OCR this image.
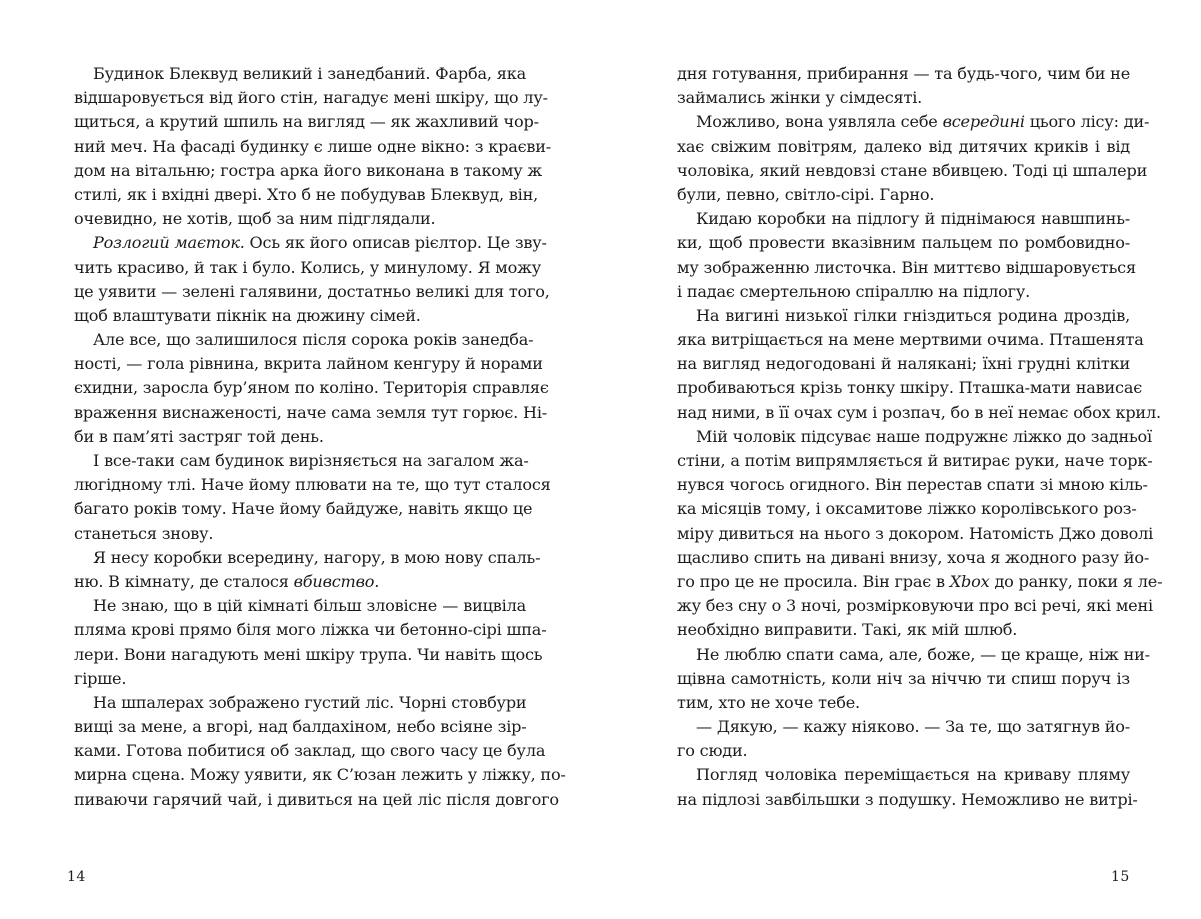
Будинок Блеквуд великий і занедбаний. Фарба, яка
відшаровується від його стін, нагадує мені шкіру, що лу-
щиться, а крутий шпиль на вигляд — як жахливий чор-
ний меч. На фасаді будинку є лише одне вікно: з краєви-
дом на вітальню; гостра арка його виконана в такому ж
стилі, як і вхідні двері. Хто б не побудував Блеквуд, він,
очевидно, не хотів, щоб за ним підглядали.
Розлогий маєток. Ось як його описав рієлтор. Це зву-
чить красиво, й так і було. Колись, у минулому. Я можу
це уявити — зелені галявини, достатньо великі для того,
щоб влаштувати пікнік на дюжину сімей.
Але все, що залишилося після сорока років занедба-
ності, — гола рівнина, вкрита лайном кенгуру й норами
єхидни, заросла бур’яном по коліно. Територія справляє
враження виснаженості, наче сама земля тут горює. Ні-
би в пам’яті застряг той день.
І все-таки сам будинок вирізняється на загалом жа-
люгідному тлі. Наче йому плювати на те, що тут сталося
багато років тому. Наче йому байдуже, навіть якщо це
станеться знову.
Я несу коробки всередину, нагору, в мою нову спаль-
ню. В кімнату, де сталося вбивство.
Не знаю, що в цій кімнаті більш зловісне — вицвіла
пляма крові прямо біля мого ліжка чи бетонно-сірі шпа-
лери. Вони нагадують мені шкіру трупа. Чи навіть щось
гірше.
На шпалерах зображено густий ліс. Чорні стовбури
вищі за мене, а вгорі, над балдахіном, небо всіяне зір-
ками. Готова побитися об заклад, що свого часу це була
мирна сцена. Можу уявити, як С’юзан лежить у ліжку, по-
пиваючи гарячий чай, і дивиться на цей ліс після довгого
дня готування, прибирання — та будь-чого, чим би не
займались жінки у сімдесяті.
Можливо, вона уявляла себе всередині цього лісу: ди-
хає свіжим повітрям, далеко від дитячих криків і від
чоловіка, який невдовзі стане вбивцею. Тоді ці шпалери
були, певно, світло-сірі. Гарно.
Кидаю коробки на підлогу й піднімаюся навшпинь-
ки, щоб провести вказівним пальцем по ромбовидно-
му зображенню листочка. Він миттєво відшаровується
і падає смертельною спіраллю на підлогу.
На вигині низької гілки гніздиться родина дроздів,
яка витріщається на мене мертвими очима. Пташенята
на вигляд недогодовані й налякані; їхні грудні клітки
пробиваються крізь тонку шкіру. Пташка-мати нависає
над ними, в її очах сум і розпач, бо в неї немає обох крил.
Мій чоловік підсуває наше подружнє ліжко до задньої
стіни, а потім випрямляється й витирає руки, наче торк-
нувся чогось огидного. Він перестав спати зі мною кіль-
ка місяців тому, і оксамитове ліжко королівського роз-
міру дивиться на нього з докором. Натомість Джо доволі
щасливо спить на дивані внизу, хоча я жодного разу йо-
го про це не просила. Він грає в Xbox до ранку, поки я ле-
жу без сну о 3 ночі, розмірковуючи про всі речі, які мені
необхідно виправити. Такі, як мій шлюб.
Не люблю спати сама, але, боже, — це краще, ніж ни-
щівна самотність, коли ніч за ніччю ти спиш поруч із
тим, хто не хоче тебе.
— Дякую, — кажу ніяково. — За те, що затягнув йо-
го сюди.
Погляд чоловіка переміщається на криваву пляму
на підлозі завбільшки з подушку. Неможливо не витрі-
14	15
